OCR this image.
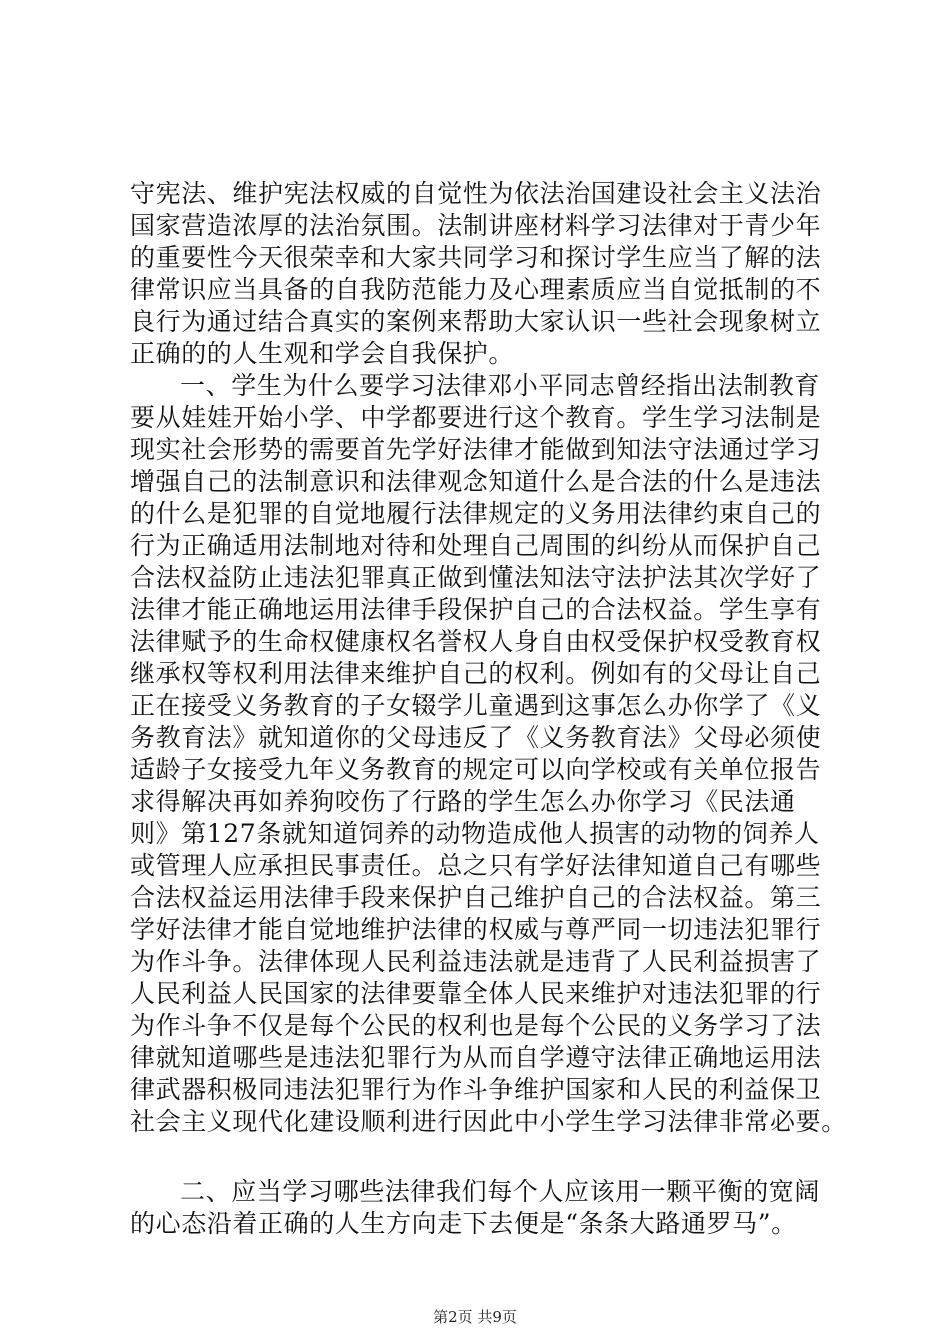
守宪法、维护宪法权威的自觉性为依法治国建设社会主义法治
国家营造浓厚的法治氛围。法制讲座材料学习法律对于青少年
的重要性今天很荣幸和大家共同学习和探讨学生应当了解的法
律常识应当具备的自我防范能力及心理素质应当自觉抵制的不
良行为通过结合真实的案例来帮助大家认识一些社会现象树立
正确的的人生观和学会自我保护。
一、学生为什么要学习法律邓小平同志曾经指出法制教育
要从娃娃开始小学、中学都要进行这个教育。学生学习法制是
现实社会形势的需要首先学好法律才能做到知法守法通过学习
增强自己的法制意识和法律观念知道什么是合法的什么是违法
的什么是犯罪的自觉地履行法律规定的义务用法律约束自己的
行为正确适用法制地对待和处理自己周围的纠纷从而保护自己
合法权益防止违法犯罪真正做到懂法知法守法护法其次学好了
法律才能正确地运用法律手段保护自己的合法权益。学生享有
法律赋予的生命权健康权名誉权人身自由权受保护权受教育权
继承权等权利用法律来维护自己的权利。例如有的父母让自己
正在接受义务教育的子女辍学儿童遇到这事怎么办你学了《义
务教育法》就知道你的父母违反了《义务教育法》父母必须使
适龄子女接受九年义务教育的规定可以向学校或有关单位报告
求得解决再如养狗咬伤了行路的学生怎么办你学习《民法通
则》第127条就知道饲养的动物造成他人损害的动物的饲养人
或管理人应承担民事责任。总之只有学好法律知道自己有哪些
合法权益运用法律手段来保护自己维护自己的合法权益。第三
学好法律才能自觉地维护法律的权威与尊严同一切违法犯罪行
为作斗争。法律体现人民利益违法就是违背了人民利益损害了
人民利益人民国家的法律要靠全体人民来维护对违法犯罪的行
为作斗争不仅是每个公民的权利也是每个公民的义务学习了法
律就知道哪些是违法犯罪行为从而自学遵守法律正确地运用法
律武器积极同违法犯罪行为作斗争维护国家和人民的利益保卫
社会主义现代化建设顺利进行因此中小学生学习法律非常必要。
二、应当学习哪些法律我们每个人应该用一颗平衡的宽阔
的心态沿着正确的人生方向走下去便是“条条大路通罗马”。
第2页 共9页
